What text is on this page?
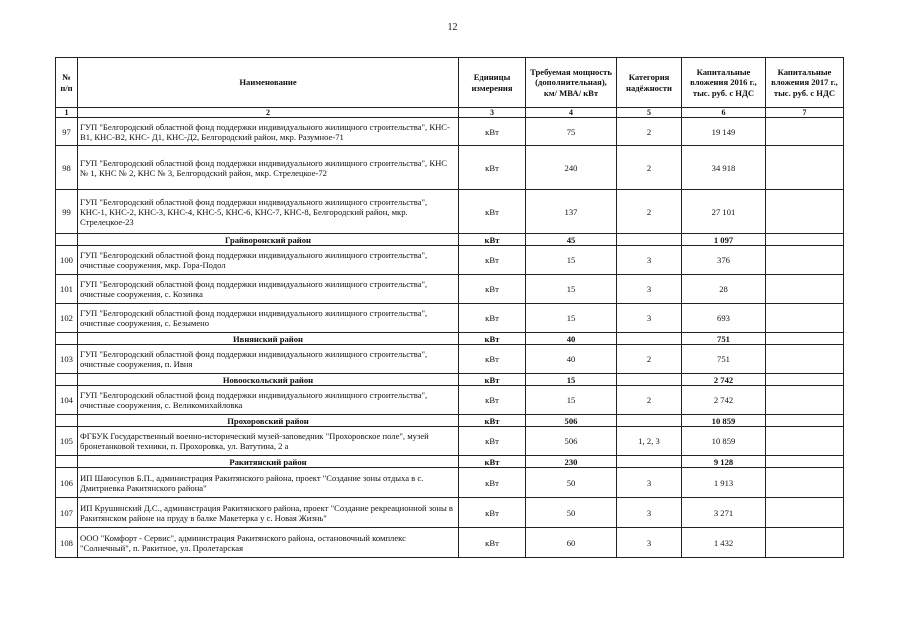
12
№ п/п	Наименование	Единицы измерения	Требуемая мощность (дополнительная), км/ МВА/ кВт	Категория надёжности	Капитальные вложения 2016 г., тыс. руб. с НДС	Капитальные вложения 2017 г., тыс. руб. с НДС
1	2	3	4	5	6	7
97	ГУП "Белгородский областной фонд поддержки индивидуального жилищного строительства", КНС-В1, КНС-В2, КНС- Д1, КНС-Д2, Белгородский район, мкр. Разумное-71	кВт	75	2	19 149	
98	ГУП "Белгородский областной фонд поддержки индивидуального жилищного строительства", КНС № 1, КНС № 2, КНС № 3, Белгородский район, мкр. Стрелецкое-72	кВт	240	2	34 918	
99	ГУП "Белгородский областной фонд поддержки индивидуального жилищного строительства", КНС-1, КНС-2, КНС-3, КНС-4, КНС-5, КНС-6, КНС-7, КНС-8, Белгородский район, мкр. Стрелецкое-23	кВт	137	2	27 101	
	Грайворонский район	кВт	45		1 097	
100	ГУП "Белгородский областной фонд поддержки индивидуального жилищного строительства", очистные сооружения, мкр. Гора-Подол	кВт	15	3	376	
101	ГУП "Белгородский областной фонд поддержки индивидуального жилищного строительства", очистные сооружения, с. Козинка	кВт	15	3	28	
102	ГУП "Белгородский областной фонд поддержки индивидуального жилищного строительства", очистные сооружения, с. Безымено	кВт	15	3	693	
	Ивнянский район	кВт	40		751	
103	ГУП "Белгородский областной фонд поддержки индивидуального жилищного строительства", очистные сооружения, п. Ивня	кВт	40	2	751	
	Новооскольский район	кВт	15		2 742	
104	ГУП "Белгородский областной фонд поддержки индивидуального жилищного строительства", очистные сооружения, с. Великомихайловка	кВт	15	2	2 742	
	Прохоровский район	кВт	506		10 859	
105	ФГБУК Государственный военно-исторический музей-заповедник "Прохоровское поле", музей бронетанковой техники, п. Прохоровка, ул. Ватутина, 2 а	кВт	506	1, 2, 3	10 859	
	Ракитянский район	кВт	230		9 128	
106	ИП Шаюсупов Б.П., администрация Ракитянского района, проект "Создание зоны отдыха в с. Дмитриевка Ракитянского района"	кВт	50	3	1 913	
107	ИП Крушинский Д.С., администрация Ракитянского района, проект "Создание рекреационной зоны в Ракитянском районе на пруду в балке Макетерка у с. Новая Жизнь"	кВт	50	3	3 271	
108	ООО "Комфорт - Сервис", администрация Ракитянского района, остановочный комплекс "Солнечный", п. Ракитное, ул. Пролетарская	кВт	60	3	1 432	
